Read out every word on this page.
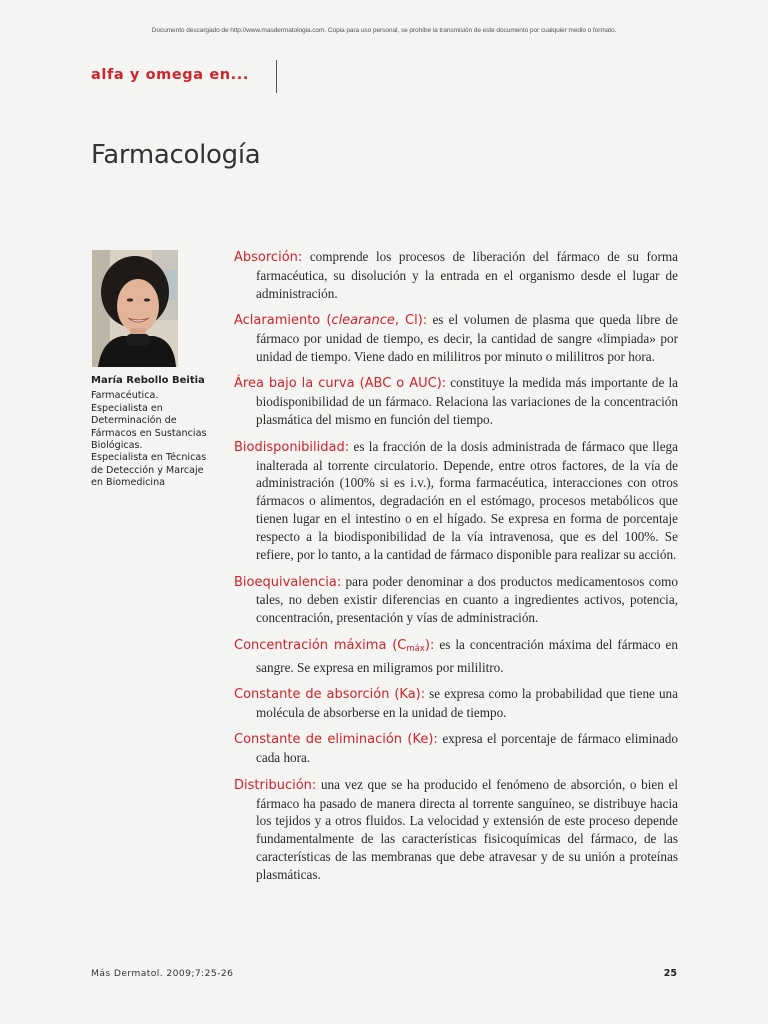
Documento descargado de http://www.masdermatologia.com. Copia para uso personal, se prohíbe la transmisión de este documento por cualquier medio o formato.
alfa y omega en...
Farmacología
María Rebollo Beitia
Farmacéutica.
Especialista en
Determinación de
Fármacos en Sustancias
Biológicas.
Especialista en Técnicas
de Detección y Marcaje
en Biomedicina

Absorción: comprende los procesos de liberación del fármaco de su forma farmacéutica, su disolución y la entrada en el organismo desde el lugar de administración.

Aclaramiento (clearance, Cl): es el volumen de plasma que queda libre de fármaco por unidad de tiempo, es decir, la cantidad de sangre «limpiada» por unidad de tiempo. Viene dado en mililitros por minuto o mililitros por hora.

Área bajo la curva (ABC o AUC): constituye la medida más importante de la biodisponibilidad de un fármaco. Relaciona las variaciones de la concentración plasmática del mismo en función del tiempo.

Biodisponibilidad: es la fracción de la dosis administrada de fármaco que llega inalterada al torrente circulatorio. Depende, entre otros factores, de la vía de administración (100% si es i.v.), forma farmacéutica, interacciones con otros fármacos o alimentos, degradación en el estómago, procesos metabólicos que tienen lugar en el intestino o en el hígado. Se expresa en forma de porcentaje respecto a la biodisponibilidad de la vía intravenosa, que es del 100%. Se refiere, por lo tanto, a la cantidad de fármaco disponible para realizar su acción.

Bioequivalencia: para poder denominar a dos productos medicamentosos como tales, no deben existir diferencias en cuanto a ingredientes activos, potencia, concentración, presentación y vías de administración.

Concentración máxima $(C_{máx})$: es la concentración máxima del fármaco en sangre. Se expresa en miligramos por mililitro.

Constante de absorción (Ka): se expresa como la probabilidad que tiene una molécula de absorberse en la unidad de tiempo.

Constante de eliminación (Ke): expresa el porcentaje de fármaco eliminado cada hora.

Distribución: una vez que se ha producido el fenómeno de absorción, o bien el fármaco ha pasado de manera directa al torrente sanguíneo, se distribuye hacia los tejidos y a otros fluidos. La velocidad y extensión de este proceso depende fundamentalmente de las características fisicoquímicas del fármaco, de las características de las membranas que debe atravesar y de su unión a proteínas plasmáticas.

Más Dermatol. 2009;7:25-26	25
